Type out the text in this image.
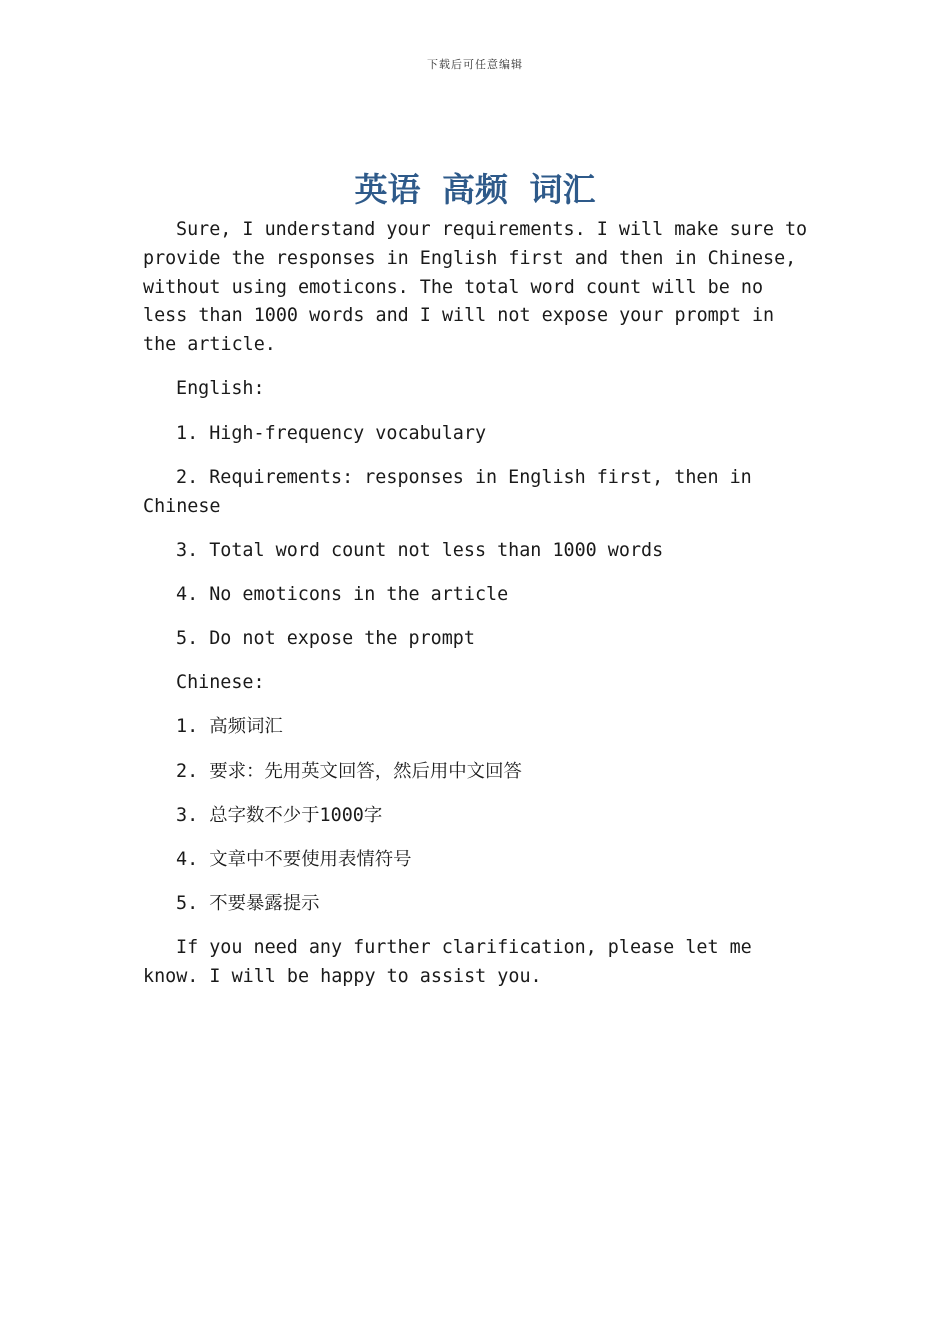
下载后可任意编辑
英语 高频 词汇

Sure, I understand your requirements. I will make sure to provide the responses in English first and then in Chinese, without using emoticons. The total word count will be no less than 1000 words and I will not expose your prompt in the article.

English:

1. High-frequency vocabulary

2. Requirements: responses in English first, then in Chinese

3. Total word count not less than 1000 words

4. No emoticons in the article

5. Do not expose the prompt

Chinese:

1. 高频词汇

2. 要求：先用英文回答，然后用中文回答

3. 总字数不少于1000字

4. 文章中不要使用表情符号

5. 不要暴露提示

If you need any further clarification, please let me know. I will be happy to assist you.
